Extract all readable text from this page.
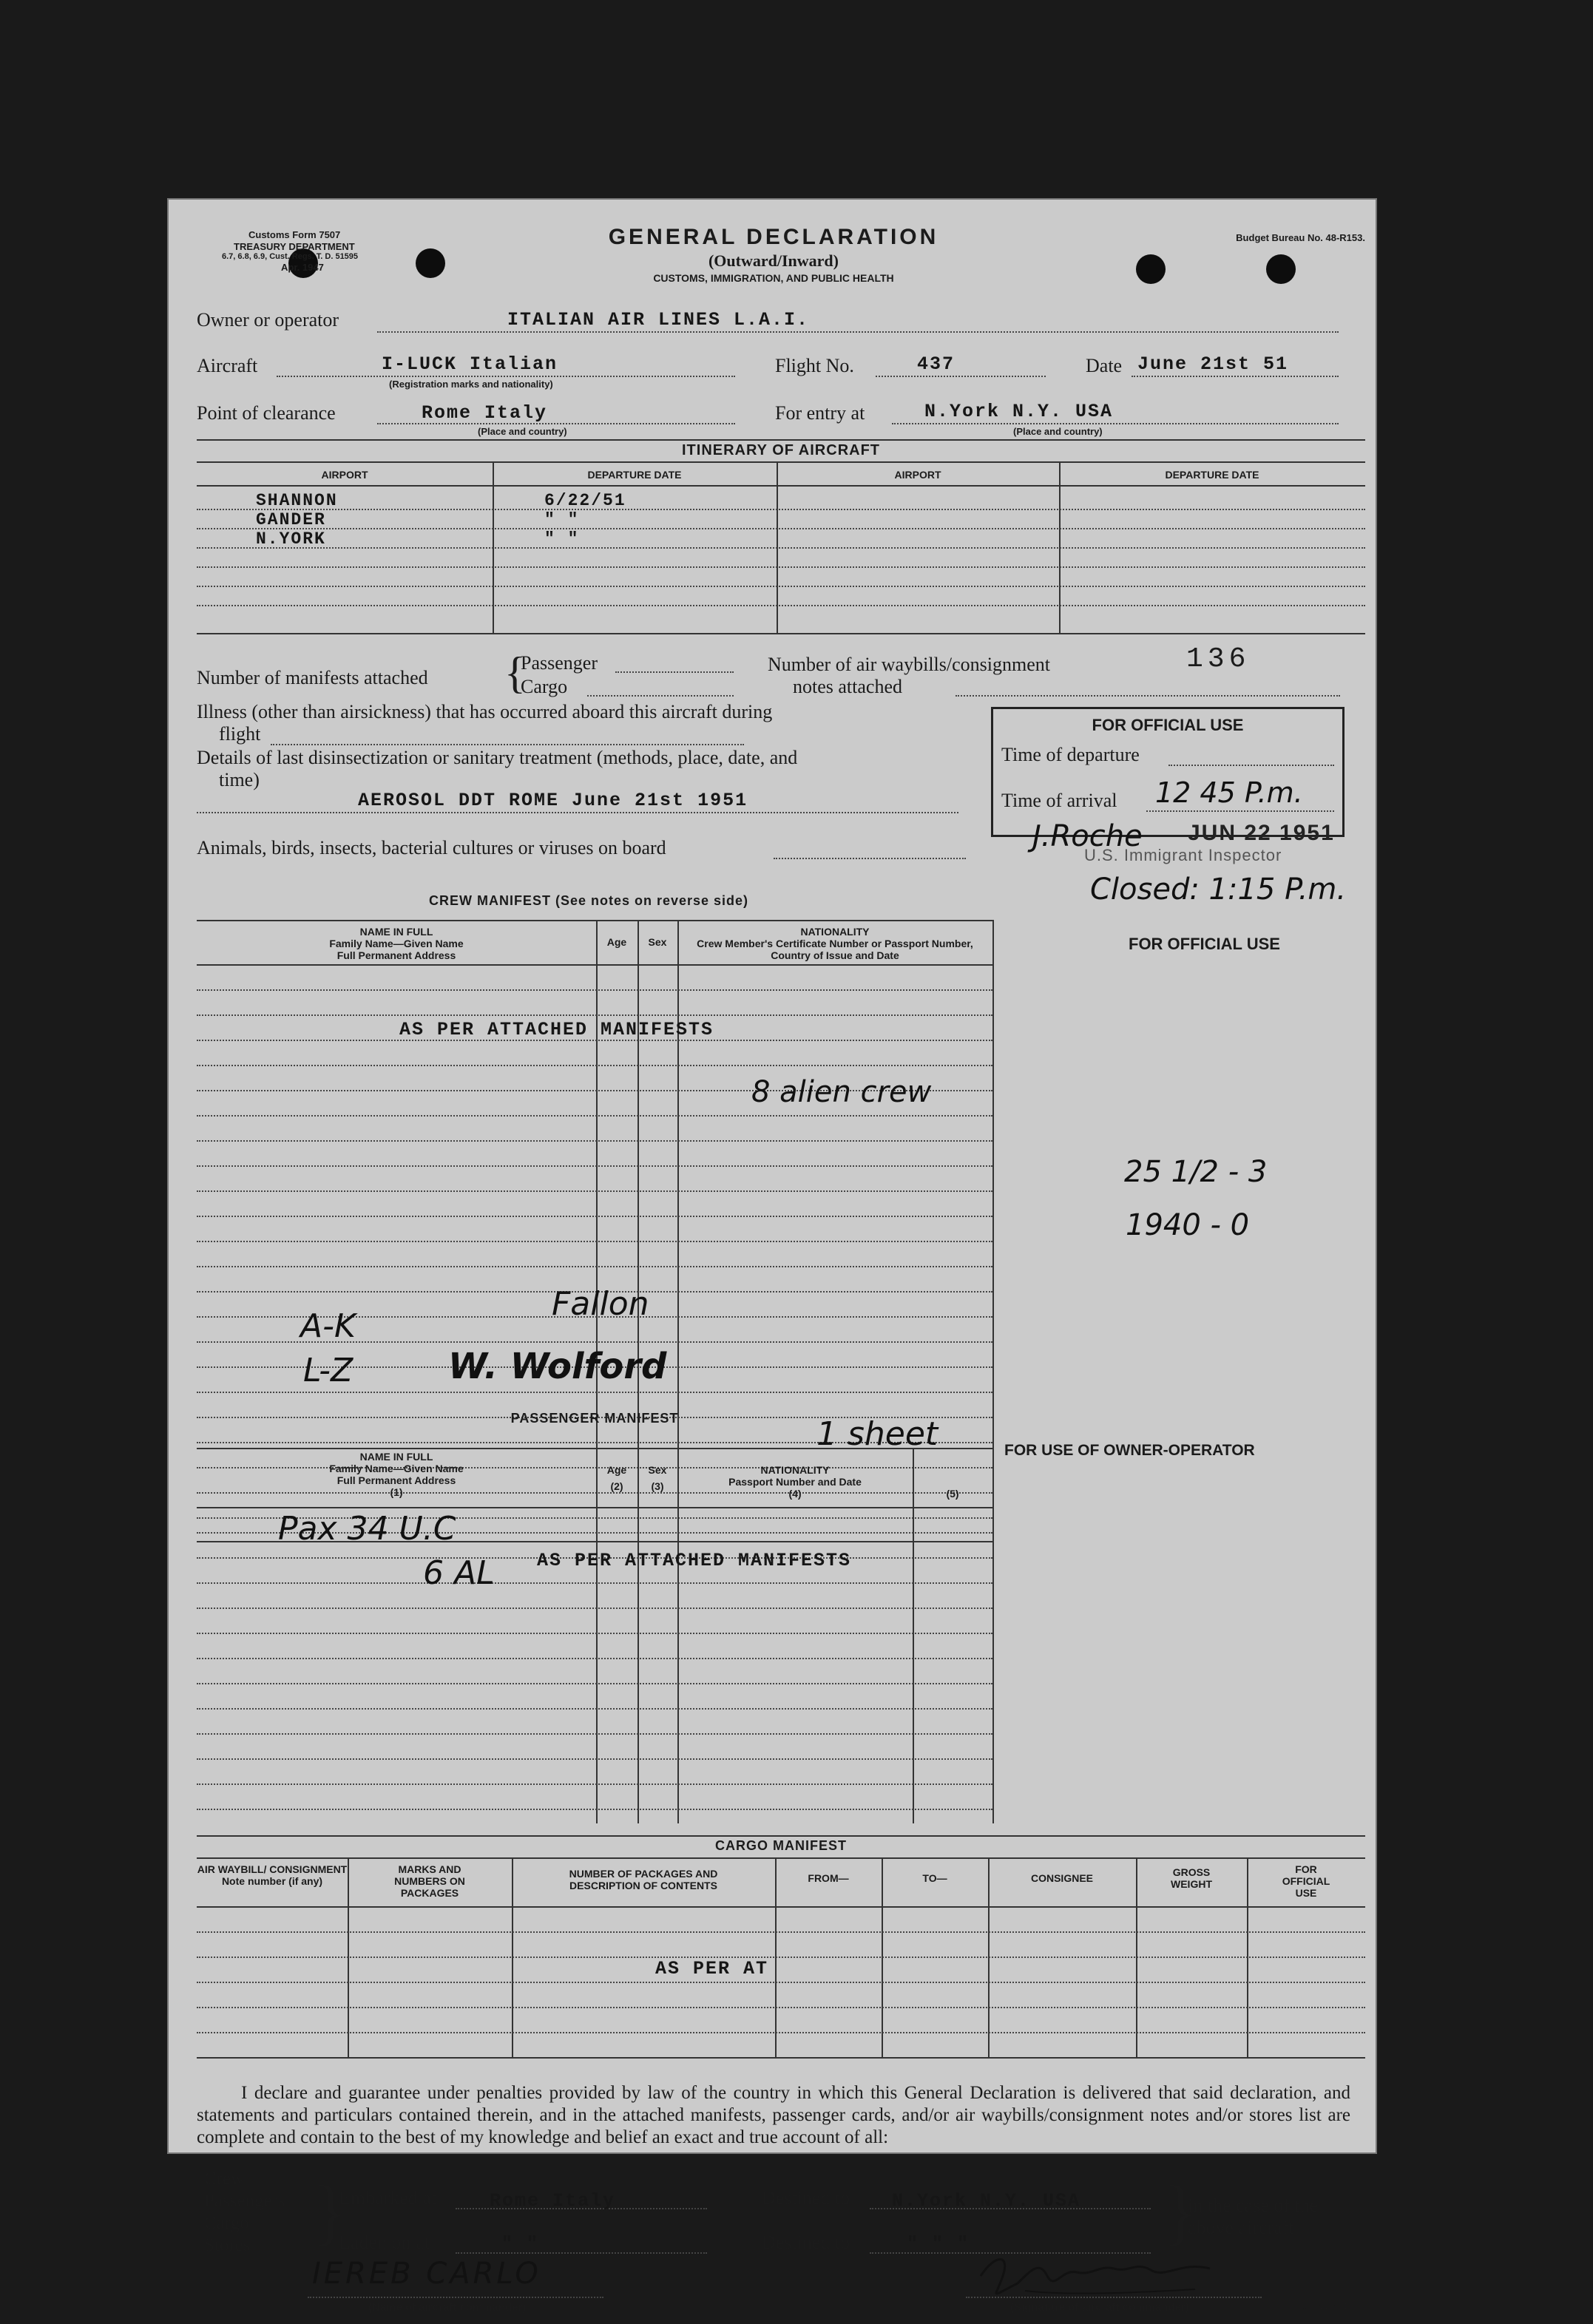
Customs Form 7507
TREASURY DEPARTMENT
6.7, 6.8, 6.9, Cust. Regs. T. D. 51595
Apr. 1947
GENERAL DECLARATION
(Outward/Inward)
CUSTOMS, IMMIGRATION, AND PUBLIC HEALTH
Budget Bureau No. 48-R153.
Owner or operator	ITALIAN AIR LINES L.A.I.
Aircraft	I-LUCK Italian
(Registration marks and nationality)
Flight No.	437	Date June 21st 51
Point of clearance	Rome Italy
(Place and country)
For entry at	N.York N.Y. USA
(Place and country)
ITINERARY OF AIRCRAFT
AIRPORT	DEPARTURE DATE	AIRPORT	DEPARTURE DATE
SHANNON	6/22/51
GANDER	" "
N.YORK	" "
Number of manifests attached {
Passenger
Cargo
Number of air waybills/consignment
notes attached
136
Illness (other than airsickness) that has occurred aboard this aircraft during
flight
Details of last disinsectization or sanitary treatment (methods, place, date, and
time)
AEROSOL DDT ROME June 21st 1951
Animals, birds, insects, bacterial cultures or viruses on board
FOR OFFICIAL USE
Time of departure
Time of arrival 12 45 P.m.
J.Roche JUN 22 1951
U.S. Immigrant Inspector
Closed: 1:15 P.m.
CREW MANIFEST (See notes on reverse side)
NAME IN FULL
Family Name—Given Name
Full Permanent Address
Age	Sex
NATIONALITY
Crew Member's Certificate Number or Passport Number,
Country of Issue and Date
FOR OFFICIAL USE
AS PER ATTACHED MANIFESTS
8 alien crew
25 1/2 - 3
1940 - 0
A-K
L-Z
Fallon
W. Wolford
1 sheet
PASSENGER MANIFEST
NAME IN FULL
Family Name—Given Name
Full Permanent Address
(1)
Age
(2)
Sex
(3)
NATIONALITY
Passport Number and Date
(4)	(5)
FOR USE OF OWNER-OPERATOR
Pax 34 U.C
6 AL AS PER ATTACHED MANIFESTS
CARGO MANIFEST
AIR WAYBILL/ CONSIGNMENT Note number (if any)
MARKS AND NUMBERS ON PACKAGES
NUMBER OF PACKAGES AND DESCRIPTION OF CONTENTS
FROM—	TO—	CONSIGNEE	GROSS WEIGHT
FOR OFFICIAL USE
AS PER AT
I declare and guarantee under penalties provided by law of the country in which this General Declaration is delivered that said declaration, and statements and particulars contained therein, and in the attached manifests, passenger cards, and/or air waybills/consignment notes and/or stores list are complete and contain to the best of my knowledge and belief an exact and true account of all:
Crew
Passengers
Cargo
Stores }
Embarked at	Rome Italy
Laden on at	" "
Destined to N.York N.Y. USA
Destined to	" " "	}
in the case of the
above aircraft
IEREB CARLO
(Name of aircraft commander)	(Signature of aircraft commander)	o8—16—52255-1
